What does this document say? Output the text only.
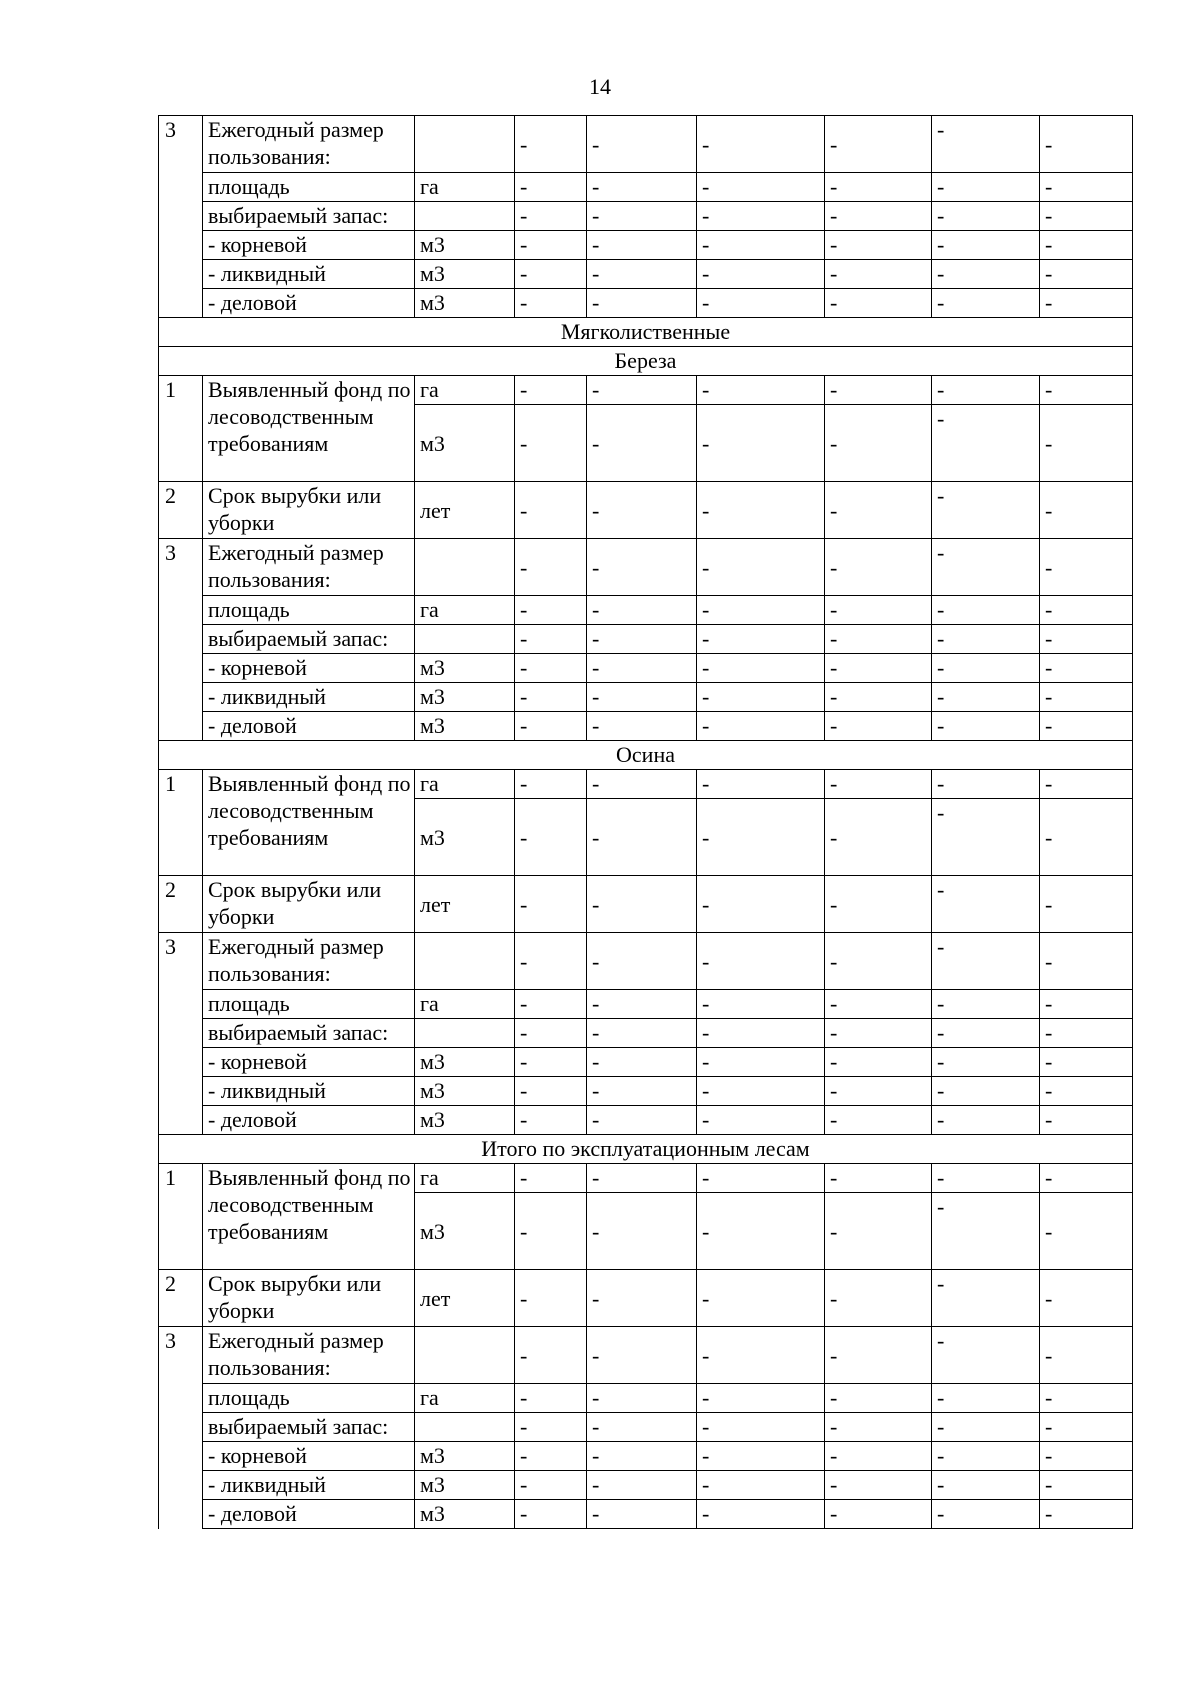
14
3	Ежегодный размер пользования:		-	-	-	-	-	-
	площадь	га	-	-	-	-	-	-
	выбираемый запас:		-	-	-	-	-	-
	- корневой	м3	-	-	-	-	-	-
	- ликвидный	м3	-	-	-	-	-	-
	- деловой	м3	-	-	-	-	-	-
Мягколиственные								
Береза								
1	Выявленный фонд по лесоводственным требованиям	га	-	-	-	-	-	-
		м3	-	-	-	-	-	-
2	Срок вырубки или уборки	лет	-	-	-	-	-	-
3	Ежегодный размер пользования:		-	-	-	-	-	-
	площадь	га	-	-	-	-	-	-
	выбираемый запас:		-	-	-	-	-	-
	- корневой	м3	-	-	-	-	-	-
	- ликвидный	м3	-	-	-	-	-	-
	- деловой	м3	-	-	-	-	-	-
Осина								
1	Выявленный фонд по лесоводственным требованиям	га	-	-	-	-	-	-
		м3	-	-	-	-	-	-
2	Срок вырубки или уборки	лет	-	-	-	-	-	-
3	Ежегодный размер пользования:		-	-	-	-	-	-
	площадь	га	-	-	-	-	-	-
	выбираемый запас:		-	-	-	-	-	-
	- корневой	м3	-	-	-	-	-	-
	- ликвидный	м3	-	-	-	-	-	-
	- деловой	м3	-	-	-	-	-	-
Итого по эксплуатационным лесам								
1	Выявленный фонд по лесоводственным требованиям	га	-	-	-	-	-	-
		м3	-	-	-	-	-	-
2	Срок вырубки или уборки	лет	-	-	-	-	-	-
3	Ежегодный размер пользования:		-	-	-	-	-	-
	площадь	га	-	-	-	-	-	-
	выбираемый запас:		-	-	-	-	-	-
	- корневой	м3	-	-	-	-	-	-
	- ликвидный	м3	-	-	-	-	-	-
	- деловой	м3	-	-	-	-	-	-
